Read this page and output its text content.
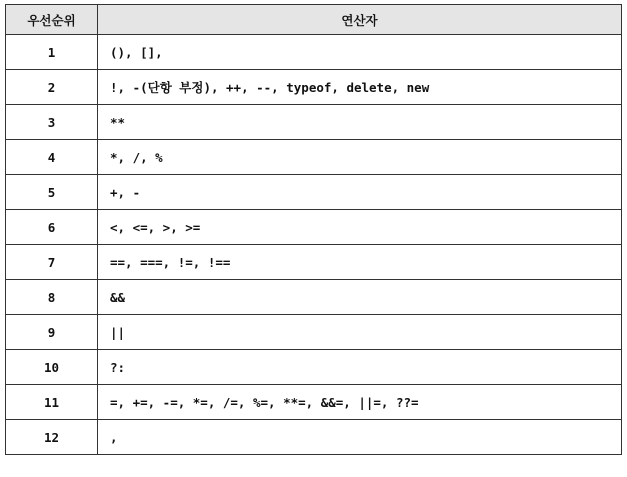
우선순위	연산자
1	(), [],
2	!, -(단항 부정), ++, --, typeof, delete, new
3	**
4	*, /, %
5	+, -
6	<, <=, >, >=
7	==, ===, !=, !==
8	&&
9	||
10	?:
11	=, +=, -=, *=, /=, %=, **=, &&=, ||=, ??=
12	,
